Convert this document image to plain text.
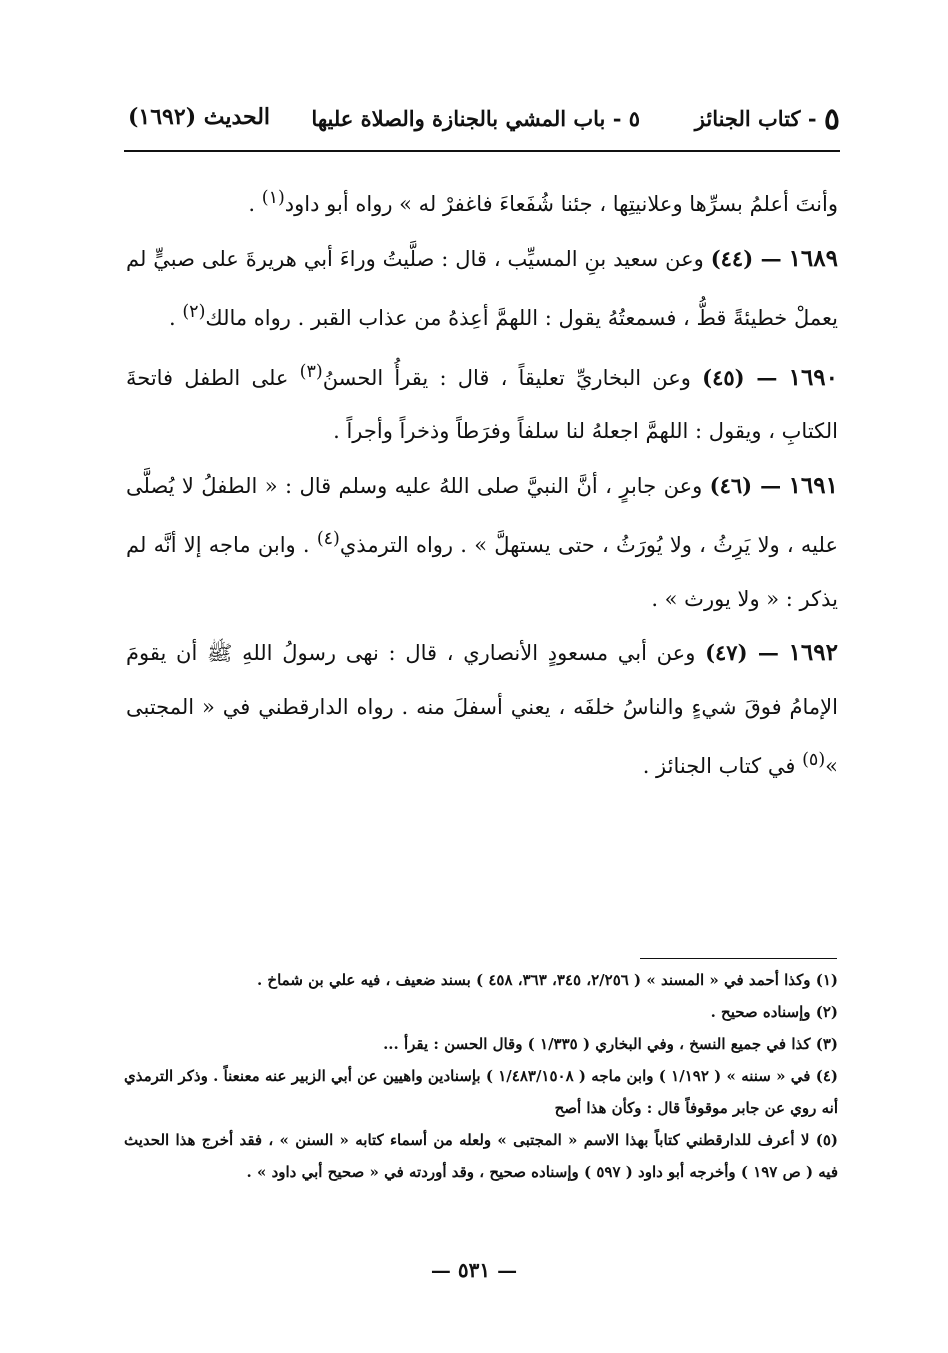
٥ - كتاب الجنائز
٥ - باب المشي بالجنازة والصلاة عليها
الحديث (١٦٩٢)

وأنتَ أعلمُ بسرِّها وعلانيتِها ، جئنا شُفَعاءَ فاغفرْ له » رواه أبو داود$^{(١)}$ .

١٦٨٩ — (٤٤) وعن سعيد بنِ المسيِّب ، قال : صلَّيتُ وراءَ أبي هريرةَ على صبيٍّ لم يعملْ خطيئةً قطُّ ، فسمعتُهُ يقول : اللهمَّ أعِذهُ من عذاب القبر . رواه مالك$^{(٢)}$ .

١٦٩٠ — (٤٥) وعن البخاريِّ تعليقاً ، قال : يقرأُ الحسنُ$^{(٣)}$ على الطفل فاتحةَ الكتابِ ، ويقول : اللهمَّ اجعلهُ لنا سلفاً وفرَطاً وذخراً وأجراً .

١٦٩١ — (٤٦) وعن جابرٍ ، أنَّ النبيَّ صلى اللهُ عليه وسلم قال : « الطفلُ لا يُصلَّى عليه ، ولا يَرِثُ ، ولا يُورَثُ ، حتى يستهلَّ » . رواه الترمذي$^{(٤)}$ . وابن ماجه إلا أنَّه لم يذكر : « ولا يورث » .

١٦٩٢ — (٤٧) وعن أبي مسعودٍ الأنصاري ، قال : نهى رسولُ اللهِ ﷺ أن يقومَ الإمامُ فوقَ شيءٍ والناسُ خلفَه ، يعني أسفلَ منه . رواه الدارقطني في « المجتبى »$^{(٥)}$ في كتاب الجنائز .

(١) وكذا أحمد في « المسند » ( ٢/٢٥٦، ٣٤٥، ٣٦٣، ٤٥٨ ) بسند ضعيف ، فيه علي بن شماخ .

(٢) وإسناده صحيح .

(٣) كذا في جميع النسخ ، وفي البخاري ( ١/٣٣٥ ) وقال الحسن : يقرأ ...

(٤) في « سننه » ( ١/١٩٢ ) وابن ماجه ( ١/٤٨٣/١٥٠٨ ) بإسنادين واهيين عن أبي الزبير عنه معنعناً . وذكر الترمذي أنه روي عن جابر موقوفاً قال : وكأن هذا أصح

(٥) لا أعرف للدارقطني كتاباً بهذا الاسم « المجتبى » ولعله من أسماء كتابه « السنن » ، فقد أخرج هذا الحديث فيه ( ص ١٩٧ ) وأخرجه أبو داود ( ٥٩٧ ) وإسناده صحيح ، وقد أوردته في « صحيح أبي داود » .

— ٥٣١ —
